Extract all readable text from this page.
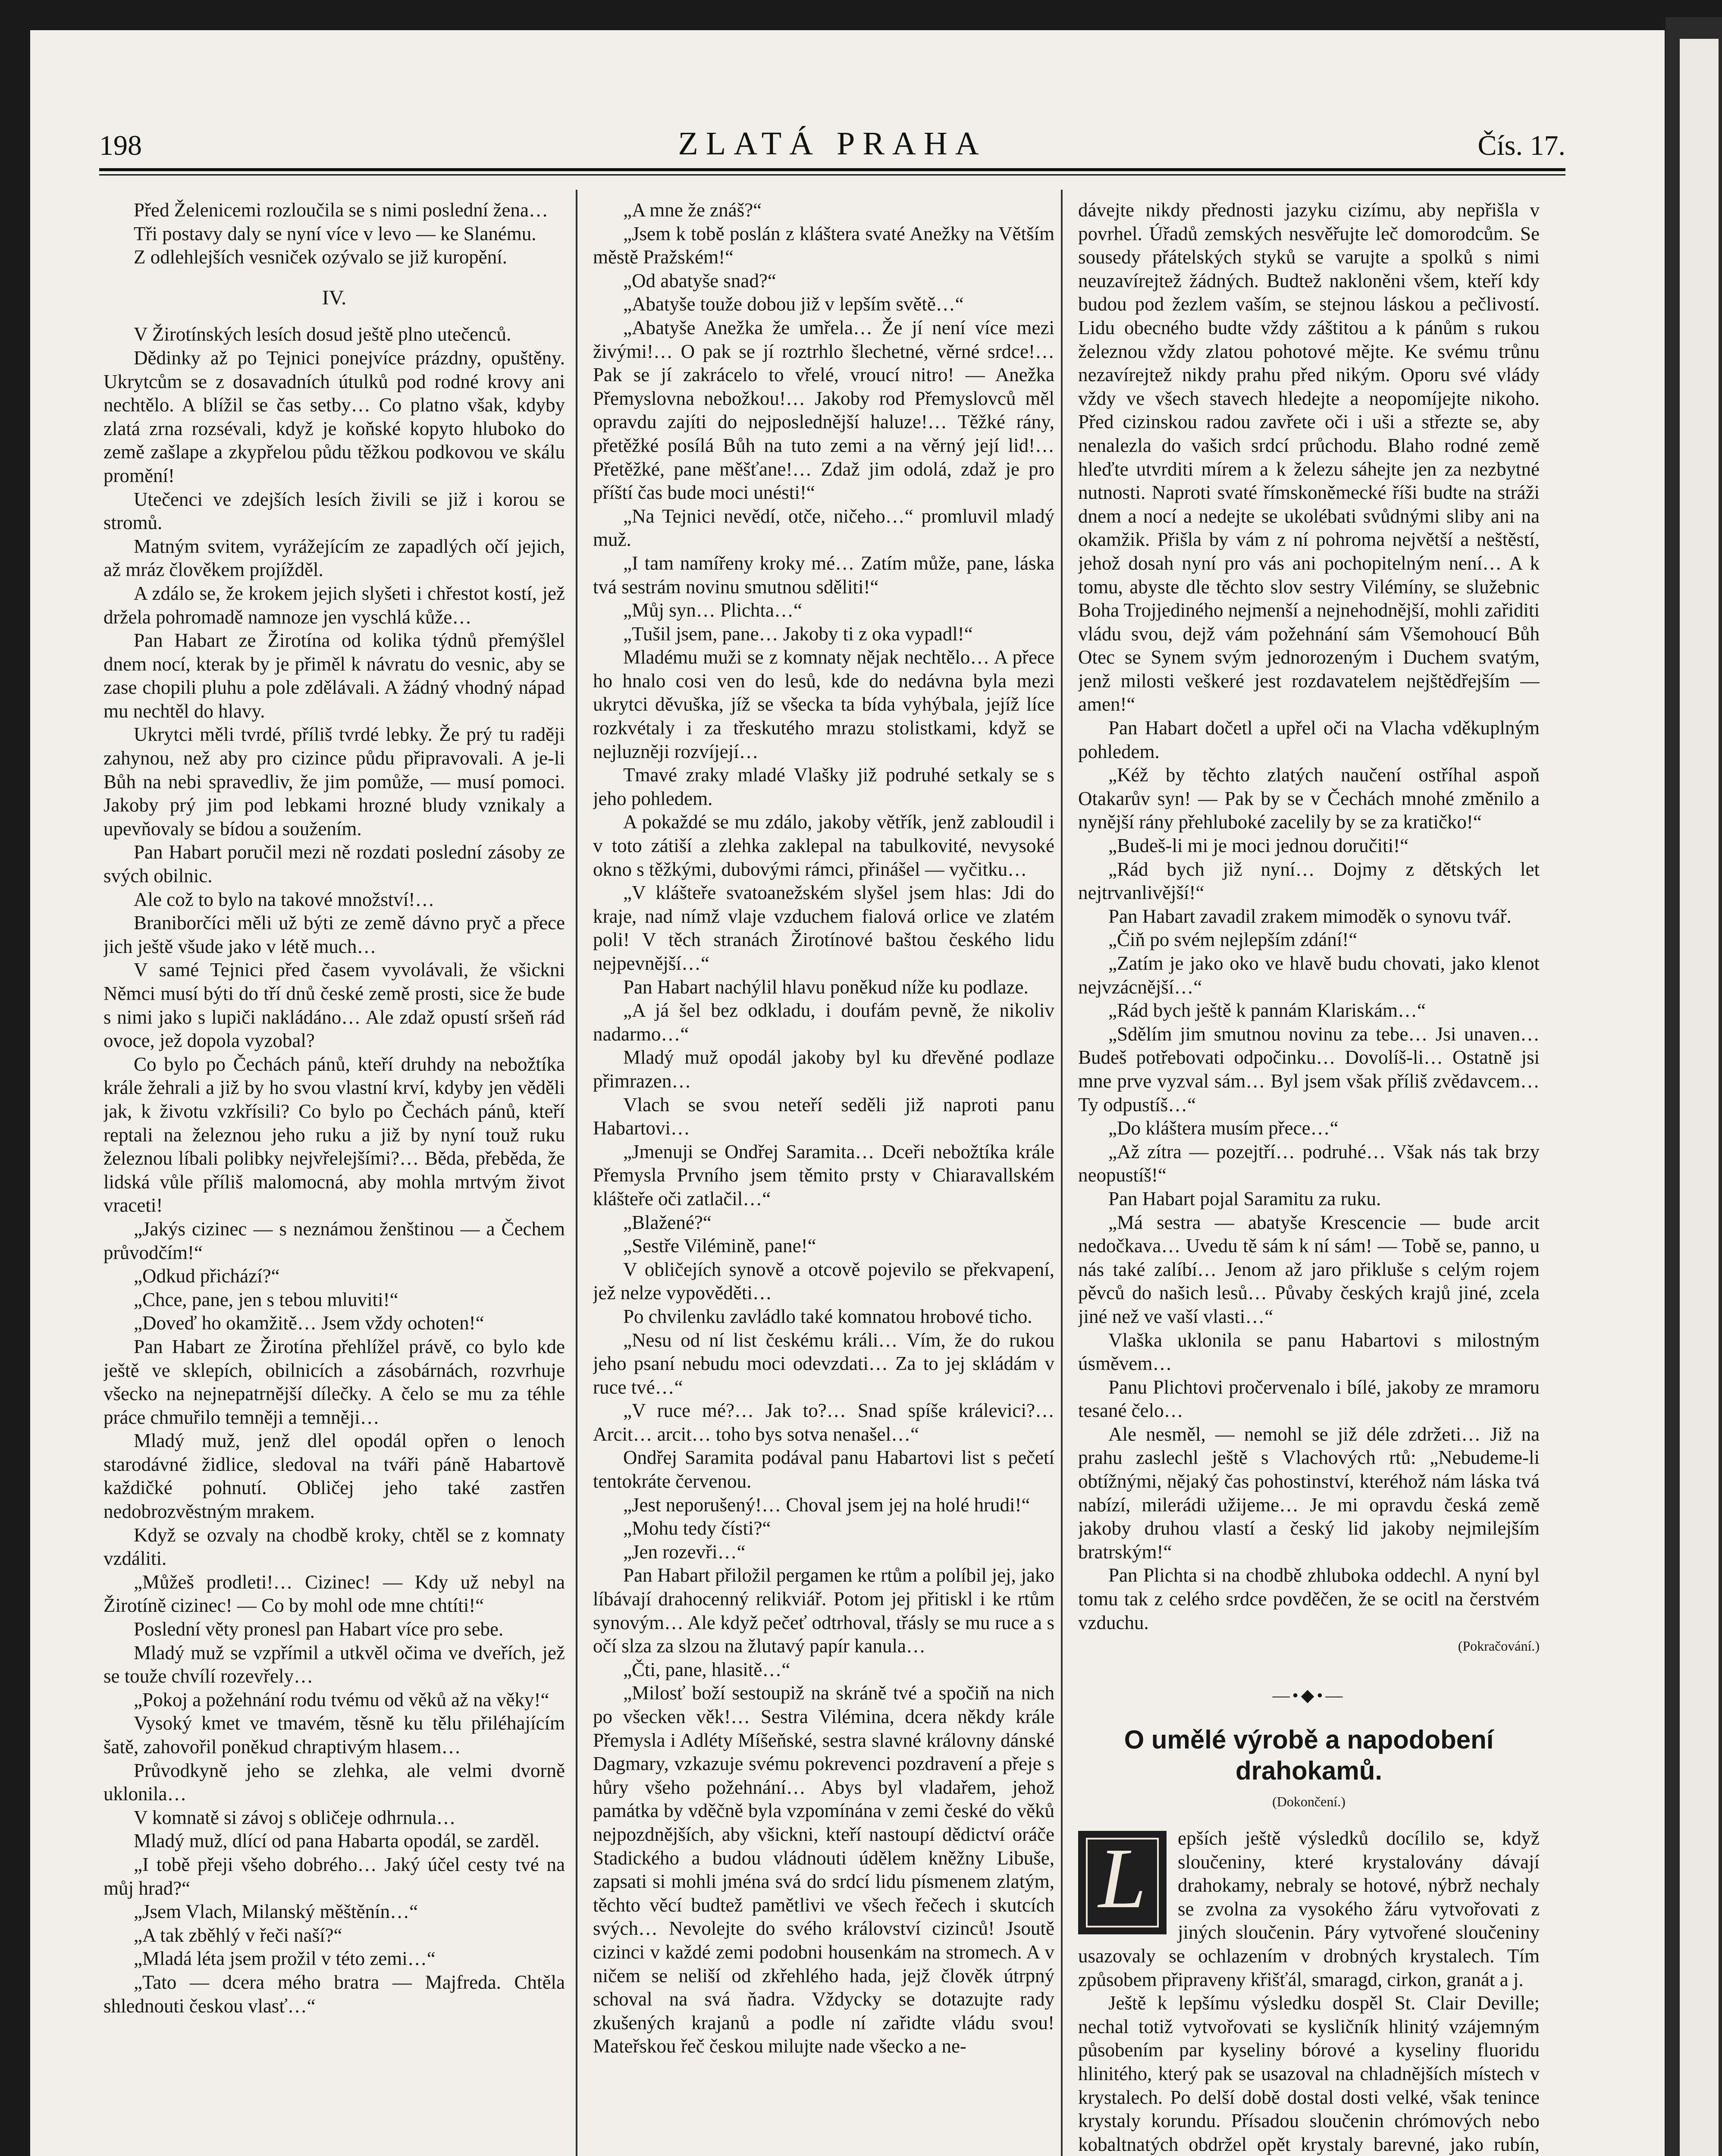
198	ZLATÁ PRAHA	Čís. 17.

Před Želenicemi rozloučila se s nimi poslední žena…

Tři postavy daly se nyní více v levo — ke Slanému.

Z odlehlejších vesniček ozývalo se již kuropění.

IV.

V Žirotínských lesích dosud ještě plno utečenců.

Dědinky až po Tejnici ponejvíce prázdny, opuštěny. Ukrytcům se z dosavadních útulků pod rodné krovy ani nechtělo. A blížil se čas setby… Co platno však, kdyby zlatá zrna rozsévali, když je koňské kopyto hluboko do země zašlape a zkypřelou půdu těžkou podkovou ve skálu promění!

Utečenci ve zdejších lesích živili se již i korou se stromů.

Matným svitem, vyrážejícím ze zapadlých očí jejich, až mráz člověkem projížděl.

A zdálo se, že krokem jejich slyšeti i chřestot kostí, jež držela pohromadě namnoze jen vyschlá kůže…

Pan Habart ze Žirotína od kolika týdnů přemýšlel dnem nocí, kterak by je přiměl k návratu do vesnic, aby se zase chopili pluhu a pole zdělávali. A žádný vhodný nápad mu nechtěl do hlavy.

Ukrytci měli tvrdé, příliš tvrdé lebky. Že prý tu raději zahynou, než aby pro cizince půdu připravovali. A je-li Bůh na nebi spravedliv, že jim pomůže, — musí pomoci. Jakoby prý jim pod lebkami hrozné bludy vznikaly a upevňovaly se bídou a soužením.

Pan Habart poručil mezi ně rozdati poslední zásoby ze svých obilnic.

Ale což to bylo na takové množství!…

Braniborčíci měli už býti ze země dávno pryč a přece jich ještě všude jako v létě much…

V samé Tejnici před časem vyvolávali, že všickni Němci musí býti do tří dnů české země prosti, sice že bude s nimi jako s lupiči nakládáno… Ale zdaž opustí sršeň rád ovoce, jež dopola vyzobal?

Co bylo po Čechách pánů, kteří druhdy na nebožtíka krále žehrali a již by ho svou vlastní krví, kdyby jen věděli jak, k životu vzkřísili? Co bylo po Čechách pánů, kteří reptali na železnou jeho ruku a již by nyní touž ruku železnou líbali polibky nejvřelejšími?… Běda, přeběda, že lidská vůle příliš malomocná, aby mohla mrtvým život vraceti!

„Jakýs cizinec — s neznámou ženštinou — a Čechem průvodčím!“

„Odkud přichází?“

„Chce, pane, jen s tebou mluviti!“

„Doveď ho okamžitě… Jsem vždy ochoten!“

Pan Habart ze Žirotína přehlížel právě, co bylo kde ještě ve sklepích, obilnicích a zásobárnách, rozvrhuje všecko na nejnepatrnější dílečky. A čelo se mu za téhle práce chmuřilo temněji a temněji…

Mladý muž, jenž dlel opodál opřen o lenoch starodávné židlice, sledoval na tváři páně Habartově každičké pohnutí. Obličej jeho také zastřen nedobrozvěstným mrakem.

Když se ozvaly na chodbě kroky, chtěl se z komnaty vzdáliti.

„Můžeš prodleti!… Cizinec! — Kdy už nebyl na Žirotíně cizinec! — Co by mohl ode mne chtíti!“

Poslední věty pronesl pan Habart více pro sebe.

Mladý muž se vzpřímil a utkvěl očima ve dveřích, jež se touže chvílí rozevřely…

„Pokoj a požehnání rodu tvému od věků až na věky!“

Vysoký kmet ve tmavém, těsně ku tělu přiléhajícím šatě, zahovořil poněkud chraptivým hlasem…

Průvodkyně jeho se zlehka, ale velmi dvorně uklonila…

V komnatě si závoj s obličeje odhrnula…

Mladý muž, dlící od pana Habarta opodál, se zarděl.

„I tobě přeji všeho dobrého… Jaký účel cesty tvé na můj hrad?“

„Jsem Vlach, Milanský měštěnín…“

„A tak zběhlý v řeči naší?“

„Mladá léta jsem prožil v této zemi…“

„Tato — dcera mého bratra — Majfreda. Chtěla shlednouti českou vlasť…“

„A mne že znáš?“

„Jsem k tobě poslán z kláštera svaté Anežky na Větším městě Pražském!“

„Od abatyše snad?“

„Abatyše touže dobou již v lepším světě…“

„Abatyše Anežka že umřela… Že jí není více mezi živými!… O pak se jí roztrhlo šlechetné, věrné srdce!… Pak se jí zakrácelo to vřelé, vroucí nitro! — Anežka Přemyslovna nebožkou!… Jakoby rod Přemyslovců měl opravdu zajíti do nejposlednější haluze!… Těžké rány, přetěžké posílá Bůh na tuto zemi a na věrný její lid!… Přetěžké, pane měšťane!… Zdaž jim odolá, zdaž je pro příští čas bude moci unésti!“

„Na Tejnici nevědí, otče, ničeho…“ promluvil mladý muž.

„I tam namířeny kroky mé… Zatím může, pane, láska tvá sestrám novinu smutnou sděliti!“

„Můj syn… Plichta…“

„Tušil jsem, pane… Jakoby ti z oka vypadl!“

Mladému muži se z komnaty nějak nechtělo… A přece ho hnalo cosi ven do lesů, kde do nedávna byla mezi ukrytci děvuška, jíž se všecka ta bída vyhýbala, jejíž líce rozkvétaly i za třeskutého mrazu stolistkami, když se nejluzněji rozvíjejí…

Tmavé zraky mladé Vlašky již podruhé setkaly se s jeho pohledem.

A pokaždé se mu zdálo, jakoby větřík, jenž zabloudil i v toto zátiší a zlehka zaklepal na tabulkovité, nevysoké okno s těžkými, dubovými rámci, přinášel — vyčitku…

„V klášteře svatoanežském slyšel jsem hlas: Jdi do kraje, nad nímž vlaje vzduchem fialová orlice ve zlatém poli! V těch stranách Žirotínové baštou českého lidu nejpevnější…“

Pan Habart nachýlil hlavu poněkud níže ku podlaze.

„A já šel bez odkladu, i doufám pevně, že nikoliv nadarmo…“

Mladý muž opodál jakoby byl ku dřevěné podlaze přimrazen…

Vlach se svou neteří seděli již naproti panu Habartovi…

„Jmenuji se Ondřej Saramita… Dceři nebožtíka krále Přemysla Prvního jsem těmito prsty v Chiaravallském klášteře oči zatlačil…“

„Blažené?“

„Sestře Vilémině, pane!“

V obličejích synově a otcově pojevilo se překvapení, jež nelze vypověděti…

Po chvilenku zavládlo také komnatou hrobové ticho.

„Nesu od ní list českému králi… Vím, že do rukou jeho psaní nebudu moci odevzdati… Za to jej skládám v ruce tvé…“

„V ruce mé?… Jak to?… Snad spíše králevici?… Arcit… arcit… toho bys sotva nenašel…“

Ondřej Saramita podával panu Habartovi list s pečetí tentokráte červenou.

„Jest neporušený!… Choval jsem jej na holé hrudi!“

„Mohu tedy čísti?“

„Jen rozevři…“

Pan Habart přiložil pergamen ke rtům a políbil jej, jako líbávají drahocenný relikviář. Potom jej přitiskl i ke rtům synovým… Ale když pečeť odtrhoval, třásly se mu ruce a s očí slza za slzou na žlutavý papír kanula…

„Čti, pane, hlasitě…“

„Milosť boží sestoupiž na skráně tvé a spočiň na nich po všecken věk!… Sestra Vilémina, dcera někdy krále Přemysla i Adléty Míšeňské, sestra slavné královny dánské Dagmary, vzkazuje svému pokrevenci pozdravení a přeje s hůry všeho požehnání… Abys byl vladařem, jehož památka by vděčně byla vzpomínána v zemi české do věků nejpozdnějších, aby všickni, kteří nastoupí dědictví oráče Stadického a budou vládnouti údělem kněžny Libuše, zapsati si mohli jména svá do srdcí lidu písmenem zlatým, těchto věcí budtež pamětlivi ve všech řečech i skutcích svých… Nevolejte do svého království cizinců! Jsoutě cizinci v každé zemi podobni housenkám na stromech. A v ničem se neliší od zkřehlého hada, jejž člověk útrpný schoval na svá ňadra. Vždycky se dotazujte rady zkušených krajanů a podle ní zařidte vládu svou! Mateřskou řeč českou milujte nade všecko a ne-

dávejte nikdy přednosti jazyku cizímu, aby nepřišla v povrhel. Úřadů zemských nesvěřujte leč domorodcům. Se sousedy přátelských styků se varujte a spolků s nimi neuzavírejtež žádných. Budtež nakloněni všem, kteří kdy budou pod žezlem vaším, se stejnou láskou a pečlivostí. Lidu obecného budte vždy záštitou a k pánům s rukou železnou vždy zlatou pohotové mějte. Ke svému trůnu nezavírejtež nikdy prahu před nikým. Oporu své vlády vždy ve všech stavech hledejte a neopomíjejte nikoho. Před cizinskou radou zavřete oči i uši a střezte se, aby nenalezla do vašich srdcí průchodu. Blaho rodné země hleďte utvrditi mírem a k železu sáhejte jen za nezbytné nutnosti. Naproti svaté římskoněmecké říši budte na stráži dnem a nocí a nedejte se ukolébati svůdnými sliby ani na okamžik. Přišla by vám z ní pohroma největší a neštěstí, jehož dosah nyní pro vás ani pochopitelným není… A k tomu, abyste dle těchto slov sestry Vilémíny, se služebnic Boha Trojjediného nejmenší a nejnehodnější, mohli zařiditi vládu svou, dejž vám požehnání sám Všemohoucí Bůh Otec se Synem svým jednorozeným i Duchem svatým, jenž milosti veškeré jest rozdavatelem nejštědřejším — amen!“

Pan Habart dočetl a upřel oči na Vlacha vděkuplným pohledem.

„Kéž by těchto zlatých naučení ostříhal aspoň Otakarův syn! — Pak by se v Čechách mnohé změnilo a nynější rány přehluboké zacelily by se za kratičko!“

„Budeš-li mi je moci jednou doručiti!“

„Rád bych již nyní… Dojmy z dětských let nejtrvanlivější!“

Pan Habart zavadil zrakem mimoděk o synovu tvář.

„Čiň po svém nejlepším zdání!“

„Zatím je jako oko ve hlavě budu chovati, jako klenot nejvzácnější…“

„Rád bych ještě k pannám Klariskám…“

„Sdělím jim smutnou novinu za tebe… Jsi unaven… Budeš potřebovati odpočinku… Dovolíš-li… Ostatně jsi mne prve vyzval sám… Byl jsem však příliš zvědavcem… Ty odpustíš…“

„Do kláštera musím přece…“

„Až zítra — pozejtří… podruhé… Však nás tak brzy neopustíš!“

Pan Habart pojal Saramitu za ruku.

„Má sestra — abatyše Krescencie — bude arcit nedočkava… Uvedu tě sám k ní sám! — Tobě se, panno, u nás také zalíbí… Jenom až jaro přikluše s celým rojem pěvců do našich lesů… Půvaby českých krajů jiné, zcela jiné než ve vaší vlasti…“

Vlaška uklonila se panu Habartovi s milostným úsměvem…

Panu Plichtovi pročervenalo i bílé, jakoby ze mramoru tesané čelo…

Ale nesměl, — nemohl se již déle zdržeti… Již na prahu zaslechl ještě s Vlachových rtů: „Nebudeme-li obtížnými, nějaký čas pohostinství, kteréhož nám láska tvá nabízí, milerádi užijeme… Je mi opravdu česká země jakoby druhou vlastí a český lid jakoby nejmilejším bratrským!“

Pan Plichta si na chodbě zhluboka oddechl. A nyní byl tomu tak z celého srdce povděčen, že se ocitl na čerstvém vzduchu.

(Pokračování.)
—•◆•—
O umělé výrobě a napodobení drahokamů.
(Dokončení.)
L	epších ještě výsledků docílilo se, když sloučeniny, které krystalovány dávají drahokamy, nebraly se hotové, nýbrž nechaly se zvolna za vysokého žáru vytvořovati z jiných sloučenin. Páry vytvořené sloučeniny usazovaly se ochlazením v drobných krystalech. Tím způsobem připraveny křišťál, smaragd, cirkon, granát a j.

Ještě k lepšímu výsledku dospěl St. Clair Deville; nechal totiž vytvořovati se kysličník hlinitý vzájemným působením par kyseliny bórové a kyseliny fluoridu hlinitého, který pak se usazoval na chladnějších místech v krystalech. Po delší době dostal dosti velké, však tenince krystaly korundu. Přísadou sloučenin chrómových nebo kobaltnatých obdržel opět krystaly barevné, jako rubín,
